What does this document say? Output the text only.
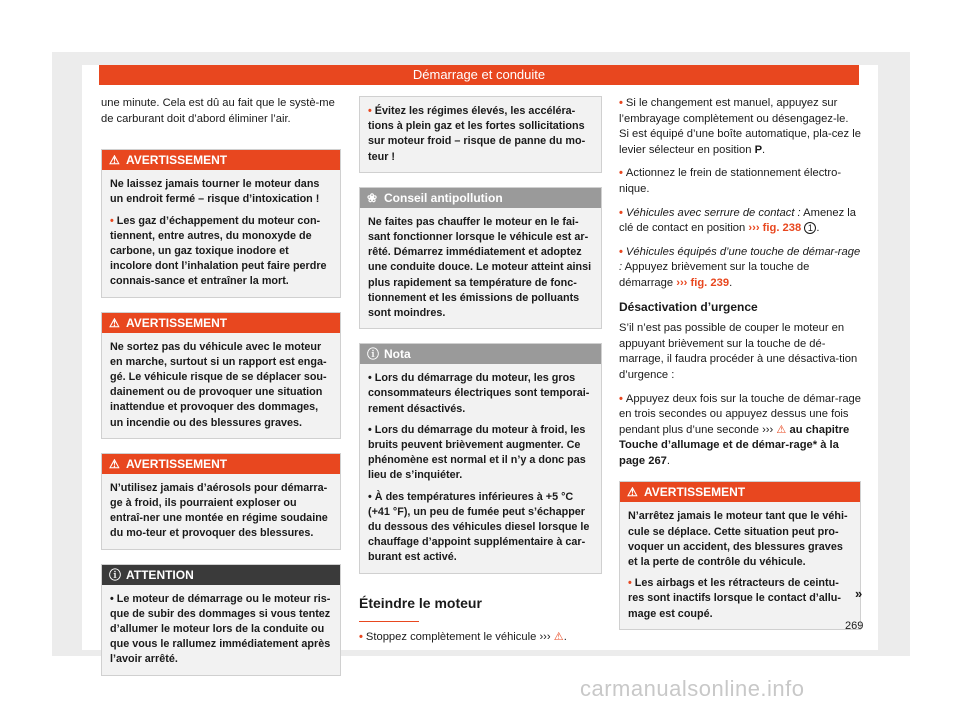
Démarrage et conduite

une minute. Cela est dû au fait que le systè-me de carburant doit d’abord éliminer l’air.

⚠ AVERTISSEMENT
Ne laissez jamais tourner le moteur dans un endroit fermé – risque d’intoxication !
• Les gaz d’échappement du moteur con-tiennent, entre autres, du monoxyde de carbone, un gaz toxique inodore et incolore dont l’inhalation peut faire perdre connais-sance et entraîner la mort.
⚠ AVERTISSEMENT
Ne sortez pas du véhicule avec le moteur en marche, surtout si un rapport est enga-gé. Le véhicule risque de se déplacer sou-dainement ou de provoquer une situation inattendue et provoquer des dommages, un incendie ou des blessures graves.
⚠ AVERTISSEMENT
N’utilisez jamais d’aérosols pour démarra-ge à froid, ils pourraient exploser ou entraî-ner une montée en régime soudaine du mo-teur et provoquer des blessures.
ⓘ ATTENTION
• Le moteur de démarrage ou le moteur ris-que de subir des dommages si vous tentez d’allumer le moteur lors de la conduite ou que vous le rallumez immédiatement après l’avoir arrêté.
• Évitez les régimes élevés, les accéléra-tions à plein gaz et les fortes sollicitations sur moteur froid – risque de panne du mo-teur !
❀ Conseil antipollution
Ne faites pas chauffer le moteur en le fai-sant fonctionner lorsque le véhicule est ar-rêté. Démarrez immédiatement et adoptez une conduite douce. Le moteur atteint ainsi plus rapidement sa température de fonc-tionnement et les émissions de polluants sont moindres.
ⓘ Nota
• Lors du démarrage du moteur, les gros consommateurs électriques sont temporai-rement désactivés.
• Lors du démarrage du moteur à froid, les bruits peuvent brièvement augmenter. Ce phénomène est normal et il n’y a donc pas lieu de s’inquiéter.
• À des températures inférieures à +5 °C (+41 °F), un peu de fumée peut s’échapper du dessous des véhicules diesel lorsque le chauffage d’appoint supplémentaire à car-burant est activé.
Éteindre le moteur
• Stoppez complètement le véhicule ››› ⚠.
• Si le changement est manuel, appuyez sur l’embrayage complètement ou désengagez-le. Si est équipé d’une boîte automatique, pla-cez le levier sélecteur en position P.
• Actionnez le frein de stationnement électro-nique.
• Véhicules avec serrure de contact : Amenez la clé de contact en position ››› fig. 238 1 .
• Véhicules équipés d’une touche de démar-rage : Appuyez brièvement sur la touche de démarrage ››› fig. 239.
Désactivation d’urgence

S’il n’est pas possible de couper le moteur en appuyant brièvement sur la touche de dé-marrage, il faudra procéder à une désactiva-tion d’urgence :

• Appuyez deux fois sur la touche de démar-rage en trois secondes ou appuyez dessus une fois pendant plus d’une seconde ››› ⚠ au chapitre Touche d’allumage et de démar-rage* à la page 267.
⚠ AVERTISSEMENT
N’arrêtez jamais le moteur tant que le véhi-cule se déplace. Cette situation peut pro-voquer un accident, des blessures graves et la perte de contrôle du véhicule.
• Les airbags et les rétracteurs de ceintu-res sont inactifs lorsque le contact d’allu-mage est coupé.
»
269
carmanualsonline.info
